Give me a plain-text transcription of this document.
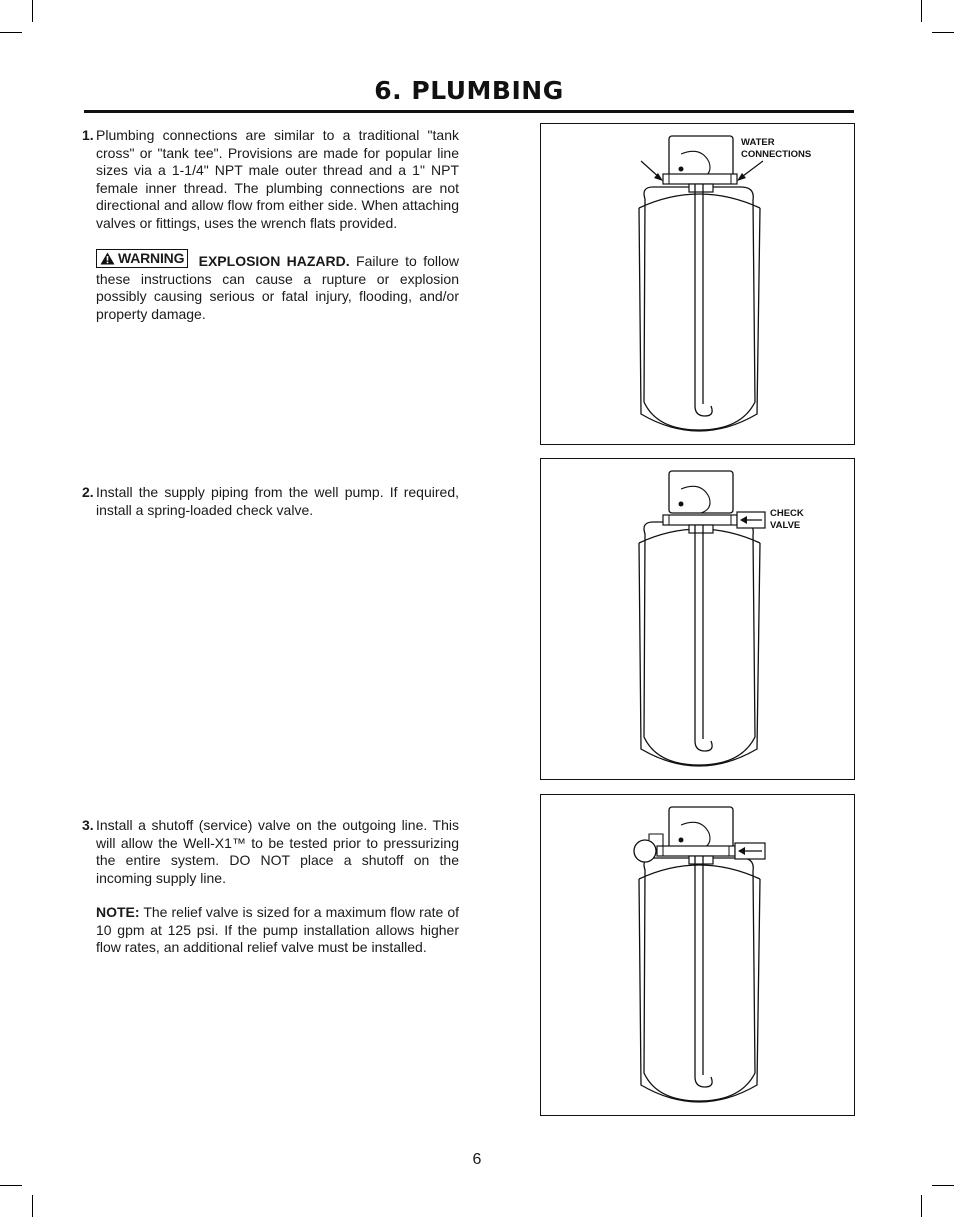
6. PLUMBING
1. Plumbing connections are similar to a traditional "tank cross" or "tank tee". Provisions are made for popular line sizes via a 1-1/4" NPT male outer thread and a 1" NPT female inner thread. The plumbing connections are not directional and allow flow from either side. When attaching valves or fittings, uses the wrench flats provided.

WARNING EXPLOSION HAZARD. Failure to follow these instructions can cause a rupture or explosion possibly causing serious or fatal injury, flooding, and/or property damage.

2. Install the supply piping from the well pump. If required, install a spring-loaded check valve.

3. Install a shutoff (service) valve on the outgoing line. This will allow the Well-X1™ to be tested prior to pressurizing the entire system. DO NOT place a shutoff on the incoming supply line.

NOTE: The relief valve is sized for a maximum flow rate of 10 gpm at 125 psi. If the pump installation allows higher flow rates, an additional relief valve must be installed.

WATER
CONNECTIONS
CHECK
VALVE
6
